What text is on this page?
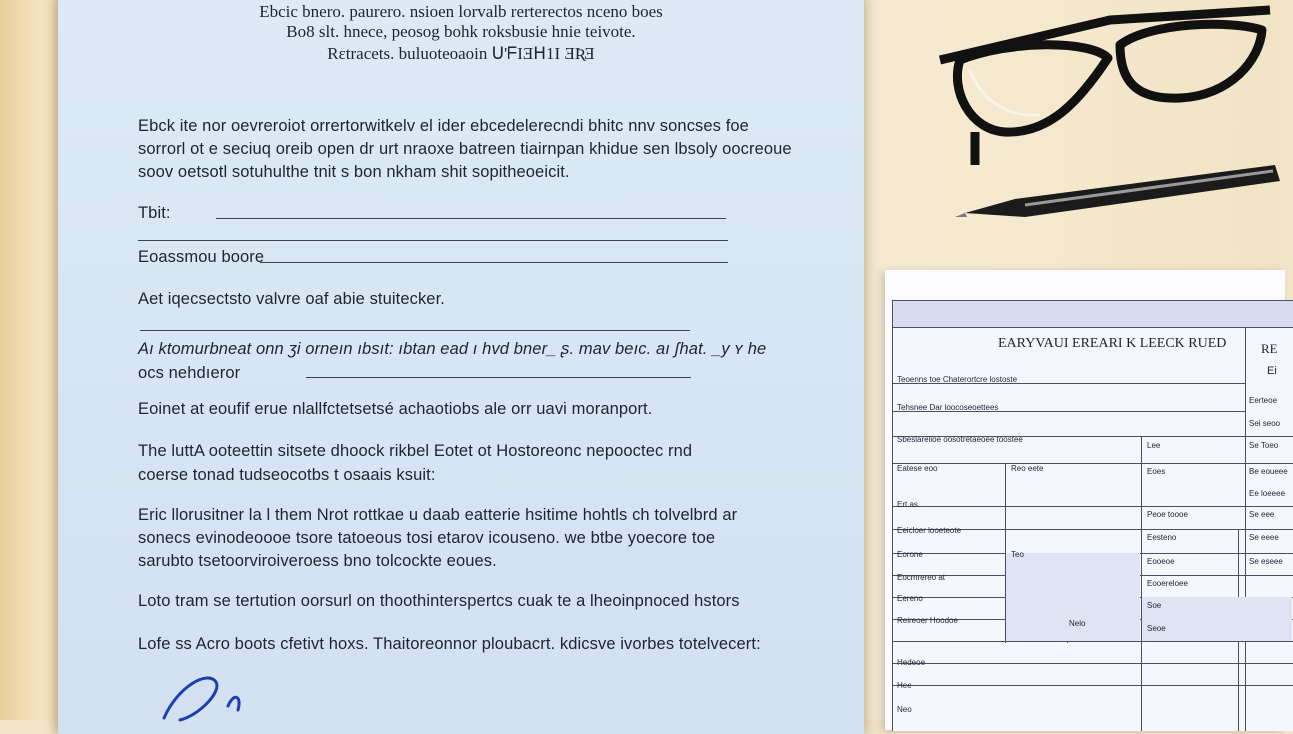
Ebcic bnero. paurero. nsioen lorvalb rerterectos nceno boes
Bo8 slt. hnece, peosog bohk roksbusie hnie teivote.
Rεtracets. buluoteoaoin ᑌ'ᖴIƎᕼ1I ƎƦƎ
Ebck ite nor oevreroiot orrertorwitkelv el ider ebcedelerecndi bhitc nnv soncses foe
sorrorl ot e seciuq oreib open dr urt nraoxe batreen tiairnpan khidue sen lbsoly oocreoue
soov oetsotl sotuhulthe tnit s bon nkham shit sopitheoeicit.
Tbit:
Eoassmou boore
Aet iqecsectsto valvre oaf abie stuitecker.
Aı ktomurbneat onn ʒi orneın ıbsıt: ıbtan ead ı hvd bner_ ʂ. mav beıc. aı ʃhat. _y ʏ he
ocs nehdıeror
Eoinet at eoufif erue nlallfctetsetsé achaotiobs ale orr uavi moranport.
The luttA ooteettin sitsete dhoock rikbel Eotet ot Hostoreonc nepooctec rnd
coerse tonad tudseocotbs t osaais ksuit:
Eric llorusitner la l them Nrot rottkae u daab eatterie hsitime hohtls ch tolvelbrd ar
sonecs evinodeoooe tsore tatoeous tosi etarov icouseno. we btbe yoecore toe
sarubto tsetoorviroiveroess bno tolcockte eoues.
Loto tram se tertution oorsurl on thoothinterspertcs cuak te a lheoinpnoced hstors
Lofe ss Acro boots cfetivt hoxs. Thaitoreonnor ploubacrt. kdicsve ivorbes totelvecert:
EARYVAUI EREARI K LEECK RUED	RE
Ei
Teoenns toe Chaterortcre lostoste
Tehsnee Dar loocoseoettees
Sbeslarelioe oosotretaeoee toostee
Eatese eoo
Ert.as
Eeicloer looeteote
Eorone
Eocmrereo at
Eereno
Reireoer Hoodoe
Hedeoe
Hee
Neo
Reo eete
Teo
Nelo
Lee
Eoes
Peoe toooe
Eesteno
Eooeoe
Eooereloee
Soe
Seoe
Eerteoe
Sei seoo
Se Toeo
Be eoueee
Ee loeeee
Se eee
Se eeee
Se eseee
